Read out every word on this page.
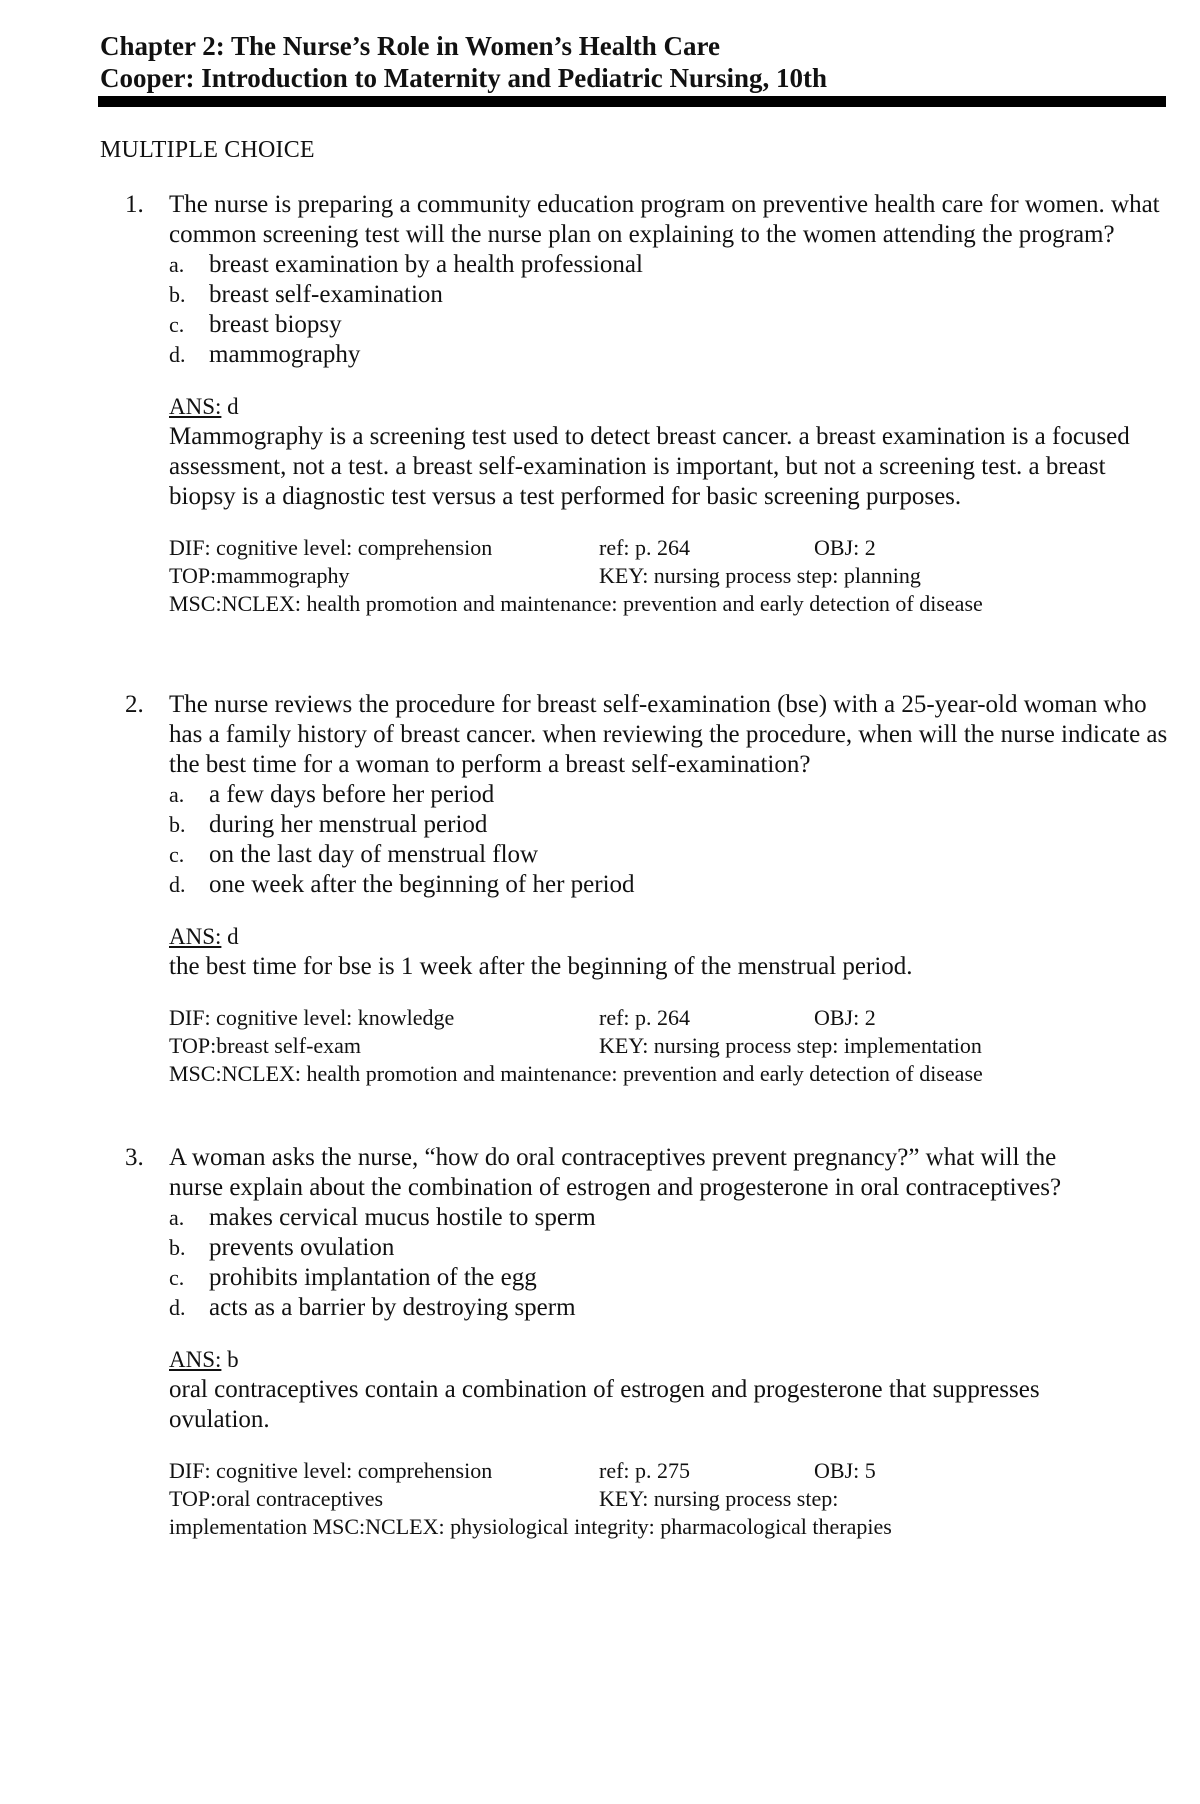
Chapter 2: The Nurse’s Role in Women’s Health Care
Cooper: Introduction to Maternity and Pediatric Nursing, 10th
MULTIPLE CHOICE
1.	The nurse is preparing a community education program on preventive health care for women. what common screening test will the nurse plan on explaining to the women attending the program?

a. breast examination by a health professional
b. breast self-examination
c. breast biopsy
d. mammography
ANS: d

Mammography is a screening test used to detect breast cancer. a breast examination is a focused assessment, not a test. a breast self-examination is important, but not a screening test. a breast biopsy is a diagnostic test versus a test performed for basic screening purposes.

DIF: cognitive level: comprehension	ref: p. 264	OBJ: 2
TOP:mammography	KEY: nursing process step: planning
MSC:NCLEX: health promotion and maintenance: prevention and early detection of disease
2.	The nurse reviews the procedure for breast self-examination (bse) with a 25-year-old woman who has a family history of breast cancer. when reviewing the procedure, when will the nurse indicate as the best time for a woman to perform a breast self-examination?

a. a few days before her period
b. during her menstrual period
c. on the last day of menstrual flow
d. one week after the beginning of her period
ANS: d

the best time for bse is 1 week after the beginning of the menstrual period.

DIF: cognitive level: knowledge	ref: p. 264	OBJ: 2
TOP:breast self-exam	KEY: nursing process step: implementation
MSC:NCLEX: health promotion and maintenance: prevention and early detection of disease
3.	A woman asks the nurse, “how do oral contraceptives prevent pregnancy?” what will the nurse explain about the combination of estrogen and progesterone in oral contraceptives?

a. makes cervical mucus hostile to sperm
b. prevents ovulation
c. prohibits implantation of the egg
d. acts as a barrier by destroying sperm
ANS: b

oral contraceptives contain a combination of estrogen and progesterone that suppresses ovulation.

DIF: cognitive level: comprehension	ref: p. 275	OBJ: 5
TOP:oral contraceptives	KEY: nursing process step:
implementation MSC:NCLEX: physiological integrity: pharmacological therapies
